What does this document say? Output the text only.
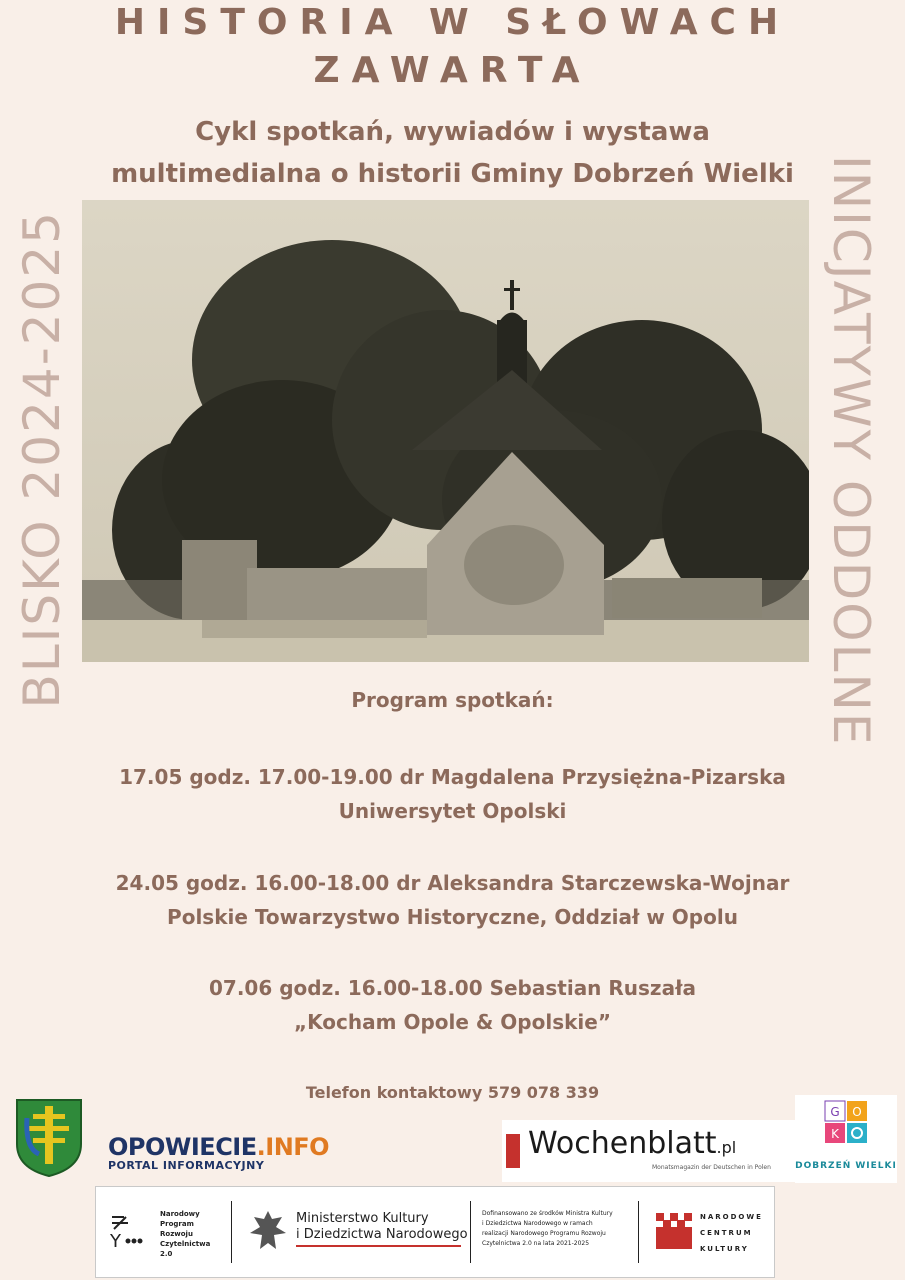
HISTORIA W SŁOWACH
ZAWARTA
Cykl spotkań, wywiadów i wystawa
multimedialna o historii Gminy Dobrzeń Wielki
BLISKO 2024-2025	INICJATYWY ODDOLNE
Program spotkań:
17.05 godz. 17.00-19.00 dr Magdalena Przysiężna-Pizarska
Uniwersytet Opolski
24.05 godz. 16.00-18.00 dr Aleksandra Starczewska-Wojnar
Polskie Towarzystwo Historyczne, Oddział w Opolu
07.06 godz. 16.00-18.00 Sebastian Ruszała
„Kocham Opole & Opolskie”
Telefon kontaktowy 579 078 339
OPOWIECIE.INFO
PORTAL INFORMACYJNY
Wochenblatt.pl
Monatsmagazin der Deutschen in Polen
G O
K
DOBRZEŃ WIELKI
Y
Narodowy
Program
Rozwoju
Czytelnictwa
2.0
Ministerstwo Kultury
i Dziedzictwa Narodowego
Dofinansowano ze środków Ministra Kultury
i Dziedzictwa Narodowego w ramach
realizacji Narodowego Programu Rozwoju
Czytelnictwa 2.0 na lata 2021-2025
NARODOWE
CENTRUM
KULTURY
